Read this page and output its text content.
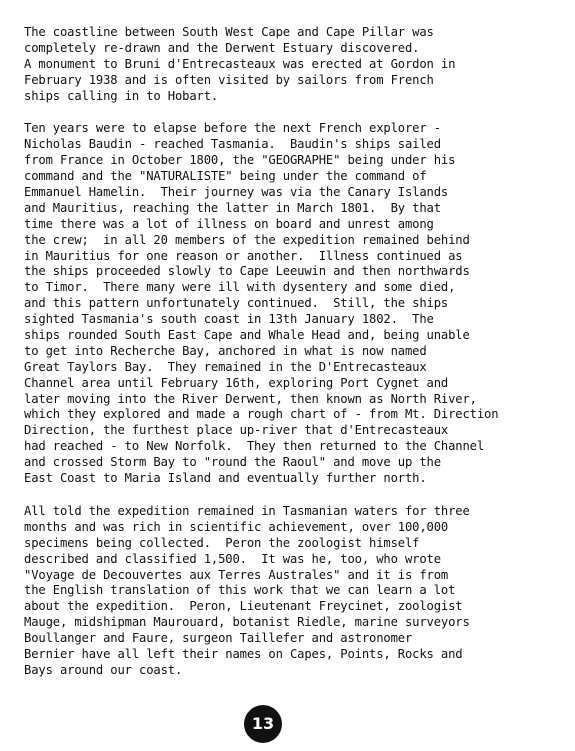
The coastline between South West Cape and Cape Pillar was
completely re-drawn and the Derwent Estuary discovered.
A monument to Bruni d'Entrecasteaux was erected at Gordon in
February 1938 and is often visited by sailors from French
ships calling in to Hobart.
Ten years were to elapse before the next French explorer -
Nicholas Baudin - reached Tasmania.  Baudin's ships sailed
from France in October 1800, the "GEOGRAPHE" being under his
command and the "NATURALISTE" being under the command of
Emmanuel Hamelin.  Their journey was via the Canary Islands
and Mauritius, reaching the latter in March 1801.  By that
time there was a lot of illness on board and unrest among
the crew;  in all 20 members of the expedition remained behind
in Mauritius for one reason or another.  Illness continued as
the ships proceeded slowly to Cape Leeuwin and then northwards
to Timor.  There many were ill with dysentery and some died,
and this pattern unfortunately continued.  Still, the ships
sighted Tasmania's south coast in 13th January 1802.  The
ships rounded South East Cape and Whale Head and, being unable
to get into Recherche Bay, anchored in what is now named
Great Taylors Bay.  They remained in the D'Entrecasteaux
Channel area until February 16th, exploring Port Cygnet and
later moving into the River Derwent, then known as North River,
which they explored and made a rough chart of - from Mt. Direction
Direction, the furthest place up-river that d'Entrecasteaux
had reached - to New Norfolk.  They then returned to the Channel
and crossed Storm Bay to "round the Raoul" and move up the
East Coast to Maria Island and eventually further north.
All told the expedition remained in Tasmanian waters for three
months and was rich in scientific achievement, over 100,000
specimens being collected.  Peron the zoologist himself
described and classified 1,500.  It was he, too, who wrote
"Voyage de Decouvertes aux Terres Australes" and it is from
the English translation of this work that we can learn a lot
about the expedition.  Peron, Lieutenant Freycinet, zoologist
Mauge, midshipman Maurouard, botanist Riedle, marine surveyors
Boullanger and Faure, surgeon Taillefer and astronomer
Bernier have all left their names on Capes, Points, Rocks and
Bays around our coast.
13
